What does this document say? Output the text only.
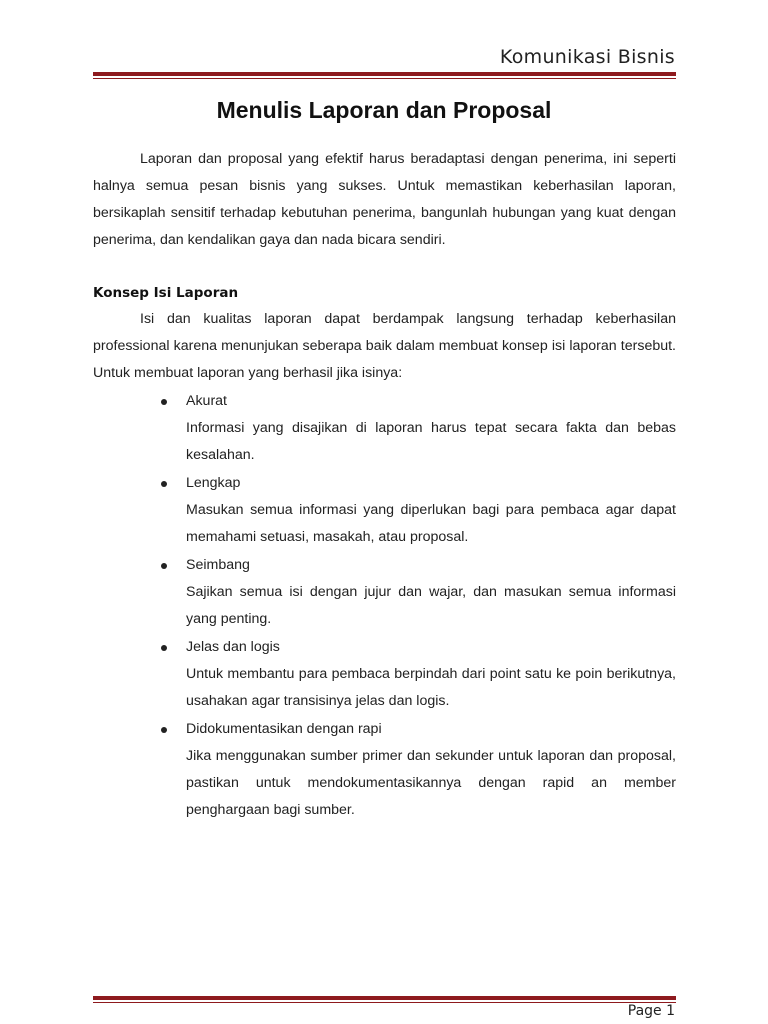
Komunikasi Bisnis
Menulis Laporan dan Proposal
Laporan dan proposal yang efektif harus beradaptasi dengan penerima, ini seperti halnya semua pesan bisnis yang sukses. Untuk memastikan keberhasilan laporan, bersikaplah sensitif terhadap kebutuhan penerima, bangunlah hubungan yang kuat dengan penerima, dan kendalikan gaya dan nada bicara sendiri.
Konsep Isi Laporan
Isi dan kualitas laporan dapat berdampak langsung terhadap keberhasilan professional karena menunjukan seberapa baik dalam membuat konsep isi laporan tersebut. Untuk membuat laporan yang berhasil jika isinya:
Akurat
Informasi yang disajikan di laporan harus tepat secara fakta dan bebas kesalahan.
Lengkap
Masukan semua informasi yang diperlukan bagi para pembaca agar dapat memahami setuasi, masakah, atau proposal.
Seimbang
Sajikan semua isi dengan jujur dan wajar, dan masukan semua informasi yang penting.
Jelas dan logis
Untuk membantu para pembaca berpindah dari point satu ke poin berikutnya, usahakan agar transisinya jelas dan logis.
Didokumentasikan dengan rapi
Jika menggunakan sumber primer dan sekunder untuk laporan dan proposal, pastikan untuk mendokumentasikannya dengan rapid an member penghargaan bagi sumber.
Page 1
